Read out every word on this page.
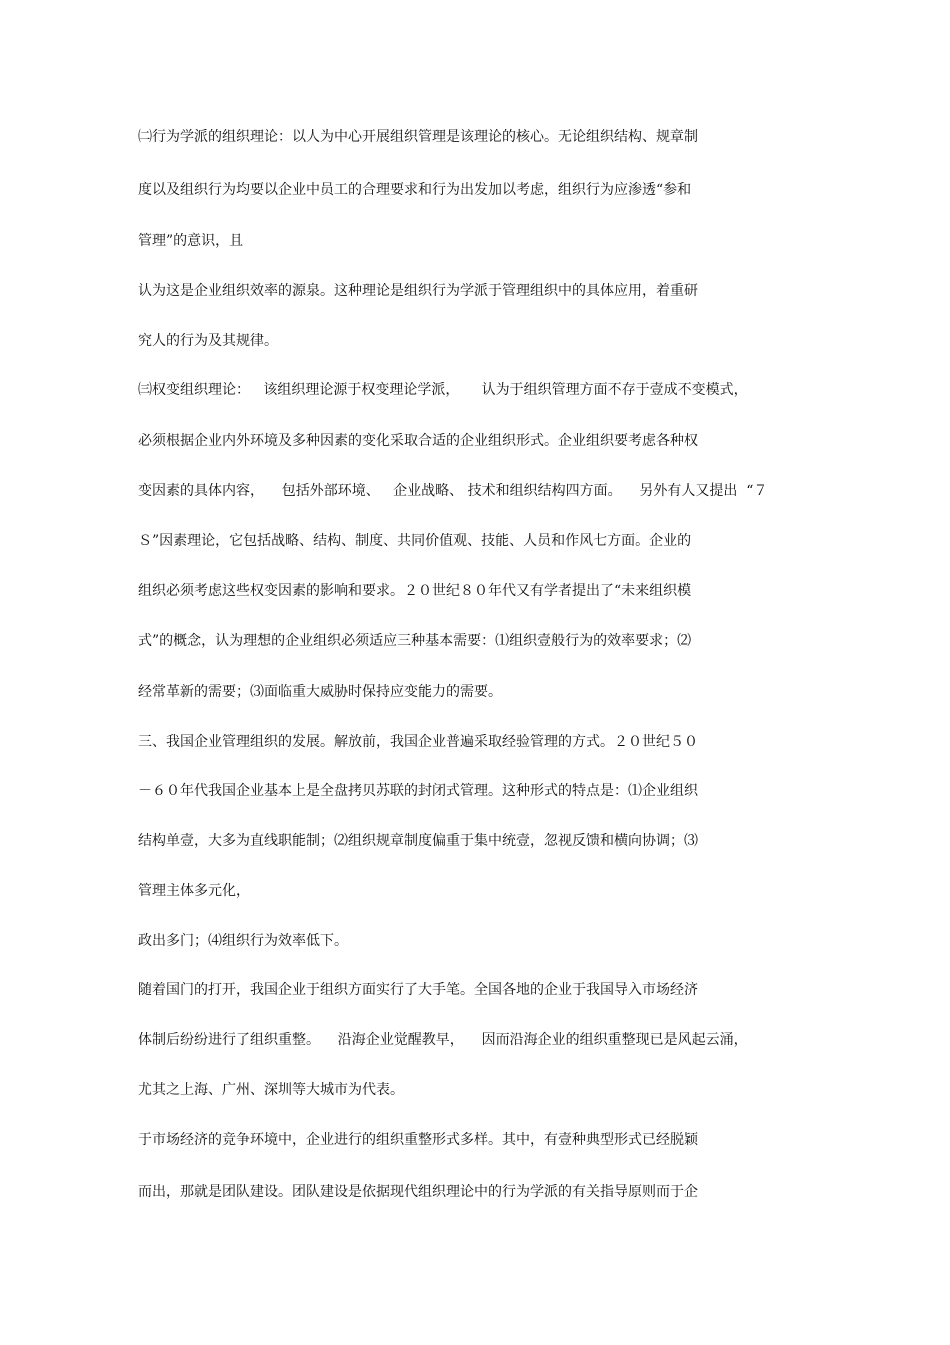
㈡行为学派的组织理论：以人为中心开展组织管理是该理论的核心。无论组织结构、规章制
度以及组织行为均要以企业中员工的合理要求和行为出发加以考虑，组织行为应渗透“参和
管理”的意识，且
认为这是企业组织效率的源泉。这种理论是组织行为学派于管理组织中的具体应用，着重研
究人的行为及其规律。
㈢权变组织理论：   该组织理论源于权变理论学派，     认为于组织管理方面不存于壹成不变模式，
必须根据企业内外环境及多种因素的变化采取合适的企业组织形式。企业组织要考虑各种权
变因素的具体内容，    包括外部环境、   企业战略、 技术和组织结构四方面。    另外有人又提出  “７
Ｓ”因素理论，它包括战略、结构、制度、共同价值观、技能、人员和作风七方面。企业的
组织必须考虑这些权变因素的影响和要求。２０世纪８０年代又有学者提出了“未来组织模
式”的概念，认为理想的企业组织必须适应三种基本需要：⑴组织壹般行为的效率要求；⑵
经常革新的需要；⑶面临重大威胁时保持应变能力的需要。
三、我国企业管理组织的发展。解放前，我国企业普遍采取经验管理的方式。２０世纪５０
－６０年代我国企业基本上是全盘拷贝苏联的封闭式管理。这种形式的特点是：⑴企业组织
结构单壹，大多为直线职能制；⑵组织规章制度偏重于集中统壹，忽视反馈和横向协调；⑶
管理主体多元化，
政出多门；⑷组织行为效率低下。
随着国门的打开，我国企业于组织方面实行了大手笔。全国各地的企业于我国导入市场经济
体制后纷纷进行了组织重整。    沿海企业觉醒教早，    因而沿海企业的组织重整现已是风起云涌，
尤其之上海、广州、深圳等大城市为代表。
于市场经济的竞争环境中，企业进行的组织重整形式多样。其中，有壹种典型形式已经脱颖
而出，那就是团队建设。团队建设是依据现代组织理论中的行为学派的有关指导原则而于企
